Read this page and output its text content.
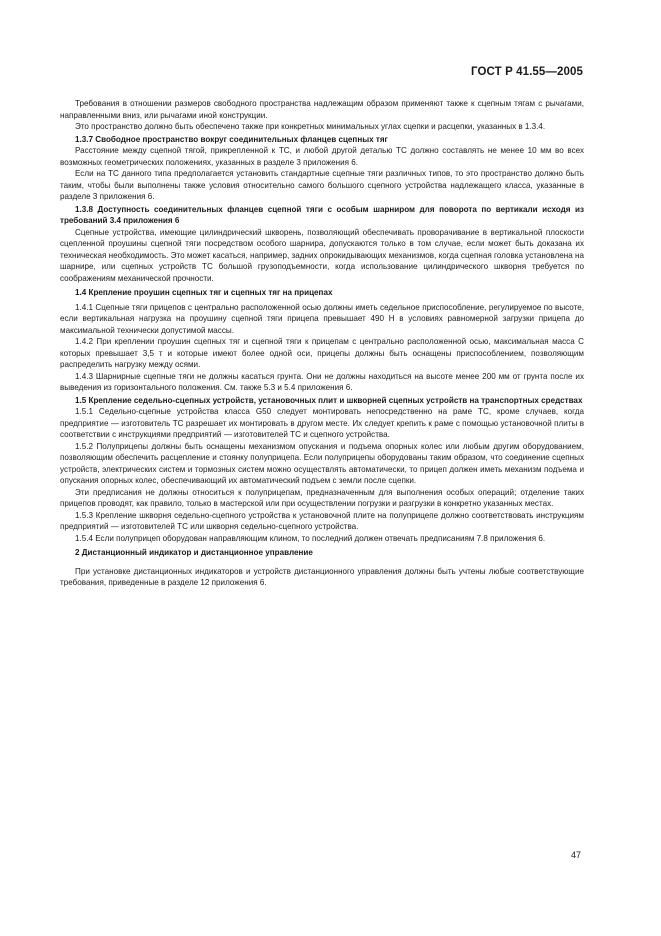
ГОСТ Р 41.55—2005

Требования в отношении размеров свободного пространства надлежащим образом применяют также к сцепным тягам с рычагами, направленными вниз, или рычагами иной конструкции.

Это пространство должно быть обеспечено также при конкретных минимальных углах сцепки и расцепки, указанных в 1.3.4.

1.3.7 Свободное пространство вокруг соединительных фланцев сцепных тяг

Расстояние между сцепной тягой, прикрепленной к ТС, и любой другой деталью ТС должно составлять не менее 10 мм во всех возможных геометрических положениях, указанных в разделе 3 приложения 6.

Если на ТС данного типа предполагается установить стандартные сцепные тяги различных типов, то это пространство должно быть таким, чтобы были выполнены также условия относительно самого большого сцепного устройства надлежащего класса, указанные в разделе 3 приложения 6.

1.3.8 Доступность соединительных фланцев сцепной тяги с особым шарниром для поворота по вертикали исходя из требований 3.4 приложения 6

Сцепные устройства, имеющие цилиндрический шкворень, позволяющий обеспечивать проворачивание в вертикальной плоскости сцепленной проушины сцепной тяги посредством особого шарнира, допускаются только в том случае, если может быть доказана их техническая необходимость. Это может касаться, например, задних опрокидывающих механизмов, когда сцепная головка установлена на шарнире, или сцепных устройств ТС большой грузоподъемности, когда использование цилиндрического шкворня требуется по соображениям механической прочности.

1.4 Крепление проушин сцепных тяг и сцепных тяг на прицепах

1.4.1 Сцепные тяги прицепов с центрально расположенной осью должны иметь седельное приспособление, регулируемое по высоте, если вертикальная нагрузка на проушину сцепной тяги прицепа превышает 490 Н в условиях равномерной загрузки прицепа до максимальной технически допустимой массы.

1.4.2 При креплении проушин сцепных тяг и сцепной тяги к прицепам с центрально расположенной осью, максимальная масса С которых превышает 3,5 т и которые имеют более одной оси, прицепы должны быть оснащены приспособлением, позволяющим распределить нагрузку между осями.

1.4.3 Шарнирные сцепные тяги не должны касаться грунта. Они не должны находиться на высоте менее 200 мм от грунта после их выведения из горизонтального положения. См. также 5.3 и 5.4 приложения 6.

1.5 Крепление седельно-сцепных устройств, установочных плит и шкворней сцепных устройств на транспортных средствах

1.5.1 Седельно-сцепные устройства класса G50 следует монтировать непосредственно на раме ТС, кроме случаев, когда предприятие — изготовитель ТС разрешает их монтировать в другом месте. Их следует крепить к раме с помощью установочной плиты в соответствии с инструкциями предприятий — изготовителей ТС и сцепного устройства.

1.5.2 Полуприцепы должны быть оснащены механизмом опускания и подъема опорных колес или любым другим оборудованием, позволяющим обеспечить расцепление и стоянку полуприцепа. Если полуприцепы оборудованы таким образом, что соединение сцепных устройств, электрических систем и тормозных систем можно осуществлять автоматически, то прицеп должен иметь механизм подъема и опускания опорных колес, обеспечивающий их автоматический подъем с земли после сцепки.

Эти предписания не должны относиться к полуприцепам, предназначенным для выполнения особых операций; отделение таких прицепов проводят, как правило, только в мастерской или при осуществлении погрузки и разгрузки в конкретно указанных местах.

1.5.3 Крепление шкворня седельно-сцепного устройства к установочной плите на полуприцепе должно соответствовать инструкциям предприятий — изготовителей ТС или шкворня седельно-сцепного устройства.

1.5.4 Если полуприцеп оборудован направляющим клином, то последний должен отвечать предписаниям 7.8 приложения 6.

2 Дистанционный индикатор и дистанционное управление

При установке дистанционных индикаторов и устройств дистанционного управления должны быть учтены любые соответствующие требования, приведенные в разделе 12 приложения 6.

47
